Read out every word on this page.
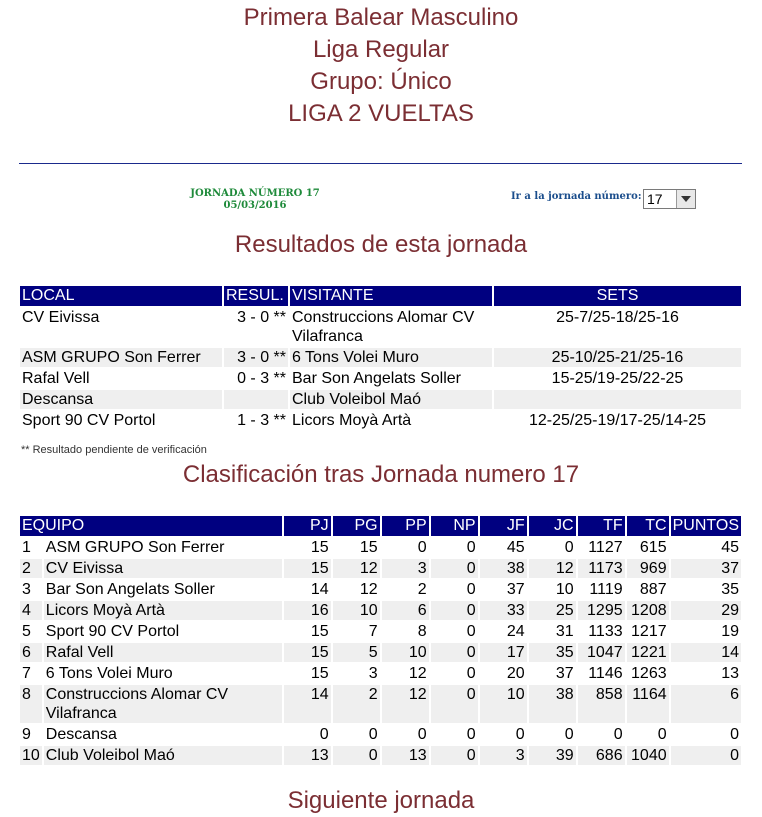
Primera Balear Masculino
Liga Regular
Grupo: Único
LIGA 2 VUELTAS
JORNADA NÚMERO 17
05/03/2016
Ir a la jornada número: 17
Resultados de esta jornada
LOCAL	RESUL.	VISITANTE	SETS
CV Eivissa	3 - 0 **	Construccions Alomar CV Vilafranca	25-7/25-18/25-16
ASM GRUPO Son Ferrer	3 - 0 **	6 Tons Volei Muro	25-10/25-21/25-16
Rafal Vell	0 - 3 **	Bar Son Angelats Soller	15-25/19-25/22-25
Descansa		Club Voleibol Maó	
Sport 90 CV Portol	1 - 3 **	Licors Moyà Artà	12-25/25-19/17-25/14-25
** Resultado pendiente de verificación
Clasificación tras Jornada numero 17
EQUIPO		PJ	PG	PP	NP	JF	JC	TF	TC	PUNTOS
1	ASM GRUPO Son Ferrer	15	15	0	0	45	0	1127	615	45
2	CV Eivissa	15	12	3	0	38	12	1173	969	37
3	Bar Son Angelats Soller	14	12	2	0	37	10	1119	887	35
4	Licors Moyà Artà	16	10	6	0	33	25	1295	1208	29
5	Sport 90 CV Portol	15	7	8	0	24	31	1133	1217	19
6	Rafal Vell	15	5	10	0	17	35	1047	1221	14
7	6 Tons Volei Muro	15	3	12	0	20	37	1146	1263	13
8	Construccions Alomar CV Vilafranca	14	2	12	0	10	38	858	1164	6
9	Descansa	0	0	0	0	0	0	0	0	0
10	Club Voleibol Maó	13	0	13	0	3	39	686	1040	0
Siguiente jornada
